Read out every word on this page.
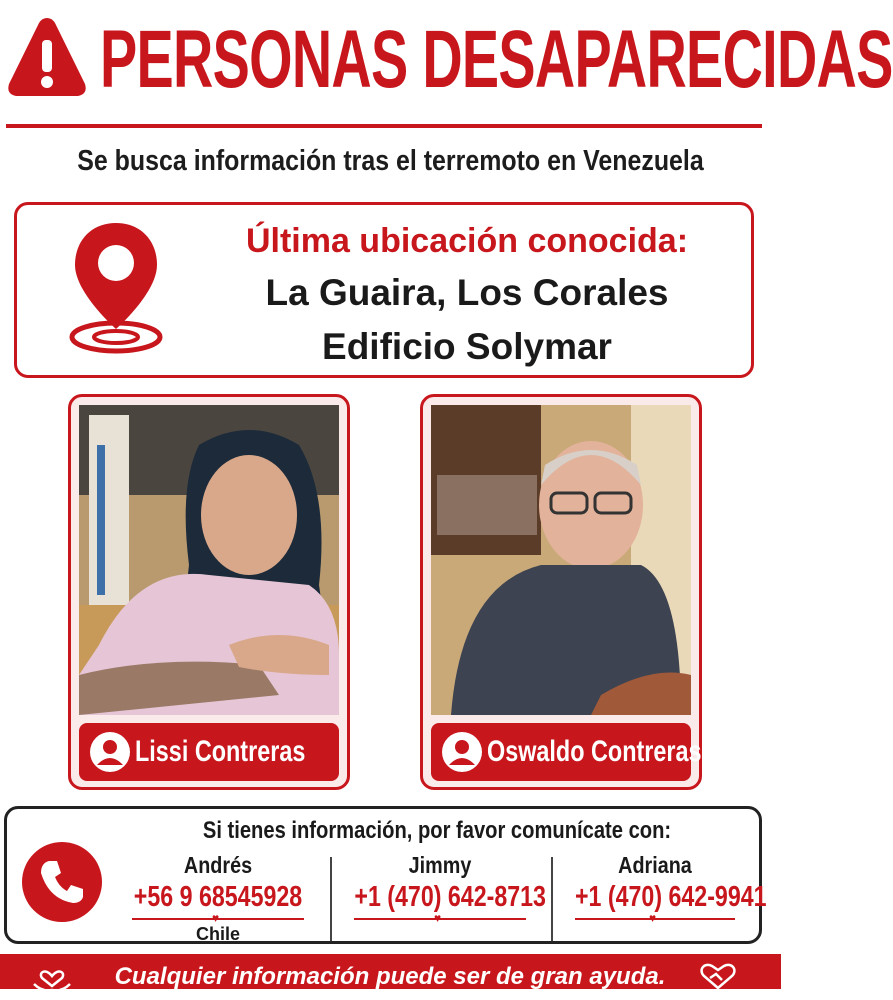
PERSONAS DESAPARECIDAS
Se busca información tras el terremoto en Venezuela
Última ubicación conocida:
La Guaira, Los Corales
Edificio Solymar
Lissi Contreras	Oswaldo Contreras
Si tienes información, por favor comunícate con:
Andrés
+56 9 68545928
♥
Chile
Jimmy
+1 (470) 642-8713
♥
Adriana
+1 (470) 642-9941
♥
Cualquier información puede ser de gran ayuda.
